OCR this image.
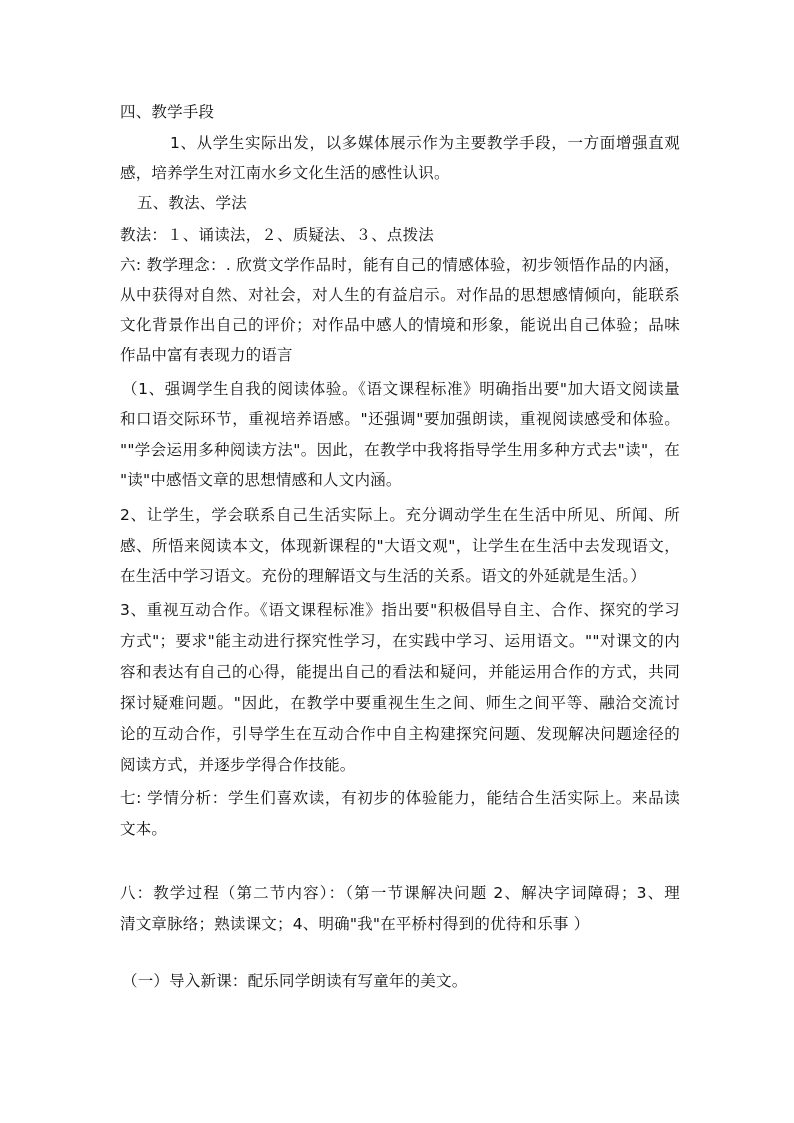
四、教学手段
1、从学生实际出发，以多媒体展示作为主要教学手段，一方面增强直观
感，培养学生对江南水乡文化生活的感性认识。
五、教法、学法
教法：１、诵读法，２、质疑法、３、点拨法
六: 教学理念：. 欣赏文学作品时，能有自己的情感体验，初步领悟作品的内涵，
从中获得对自然、对社会，对人生的有益启示。对作品的思想感情倾向，能联系
文化背景作出自己的评价；对作品中感人的情境和形象，能说出自己体验；品味
作品中富有表现力的语言
（1、强调学生自我的阅读体验。《语文课程标准》明确指出要"加大语文阅读量
和口语交际环节，重视培养语感。"还强调"要加强朗读，重视阅读感受和体验。
""学会运用多种阅读方法"。因此，在教学中我将指导学生用多种方式去"读"，在
"读"中感悟文章的思想情感和人文内涵。
2、让学生，学会联系自己生活实际上。充分调动学生在生活中所见、所闻、所
感、所悟来阅读本文，体现新课程的"大语文观"，让学生在生活中去发现语文，
在生活中学习语文。充份的理解语文与生活的关系。语文的外延就是生活。）
3、重视互动合作。《语文课程标准》指出要"积极倡导自主、合作、探究的学习
方式"；要求"能主动进行探究性学习，在实践中学习、运用语文。""对课文的内
容和表达有自己的心得，能提出自己的看法和疑问，并能运用合作的方式，共同
探讨疑难问题。"因此，在教学中要重视生生之间、师生之间平等、融洽交流讨
论的互动合作，引导学生在互动合作中自主构建探究问题、发现解决问题途径的
阅读方式，并逐步学得合作技能。
七: 学情分析：学生们喜欢读，有初步的体验能力，能结合生活实际上。来品读
文本。
八：教学过程（第二节内容）：（第一节课解决问题 2、解决字词障碍；3、理
清文章脉络；熟读课文；4、明确"我"在平桥村得到的优待和乐事 ）
（一）导入新课：配乐同学朗读有写童年的美文。
